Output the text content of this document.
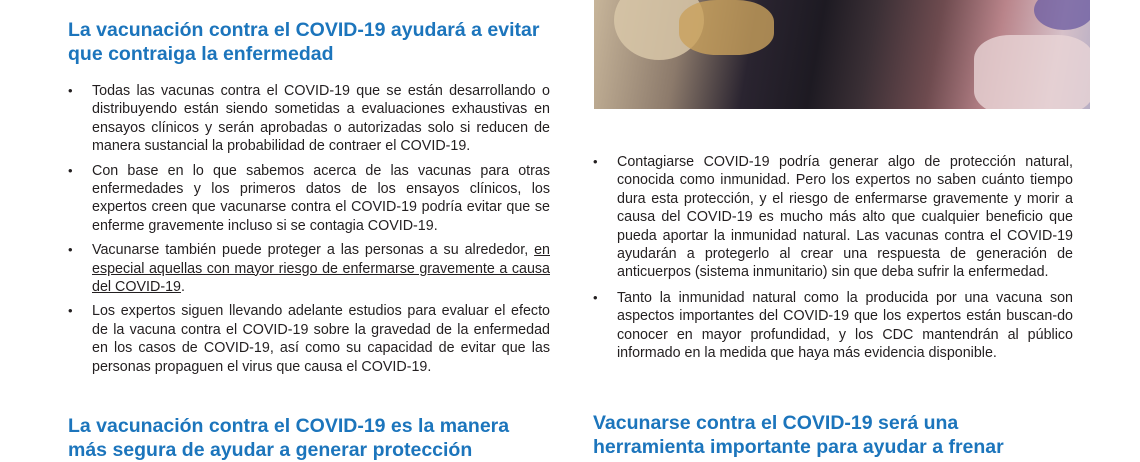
La vacunación contra el COVID-19 ayudará a evitar que contraiga la enfermedad
• Todas las vacunas contra el COVID-19 que se están desarrollando o distribuyendo están siendo sometidas a evaluaciones exhaustivas en ensayos clínicos y serán aprobadas o autorizadas solo si reducen de manera sustancial la probabilidad de contraer el COVID-19.
• Con base en lo que sabemos acerca de las vacunas para otras enfermedades y los primeros datos de los ensayos clínicos, los expertos creen que vacunarse contra el COVID-19 podría evitar que se enferme gravemente incluso si se contagia COVID-19.
• Vacunarse también puede proteger a las personas a su alrededor, en especial aquellas con mayor riesgo de enfermarse gravemente a causa del COVID-19.
• Los expertos siguen llevando adelante estudios para evaluar el efecto de la vacuna contra el COVID-19 sobre la gravedad de la enfermedad en los casos de COVID-19, así como su capacidad de evitar que las personas propaguen el virus que causa el COVID-19.
La vacunación contra el COVID-19 es la manera más segura de ayudar a generar protección
• Contagiarse COVID-19 podría generar algo de protección natural, conocida como inmunidad. Pero los expertos no saben cuánto tiempo dura esta protección, y el riesgo de enfermarse gravemente y morir a causa del COVID-19 es mucho más alto que cualquier beneficio que pueda aportar la inmunidad natural. Las vacunas contra el COVID-19 ayudarán a protegerlo al crear una respuesta de generación de anticuerpos (sistema inmunitario) sin que deba sufrir la enfermedad.
• Tanto la inmunidad natural como la producida por una vacuna son aspectos importantes del COVID-19 que los expertos están buscan-do conocer en mayor profundidad, y los CDC mantendrán al público informado en la medida que haya más evidencia disponible.
Vacunarse contra el COVID-19 será una herramienta importante para ayudar a frenar
